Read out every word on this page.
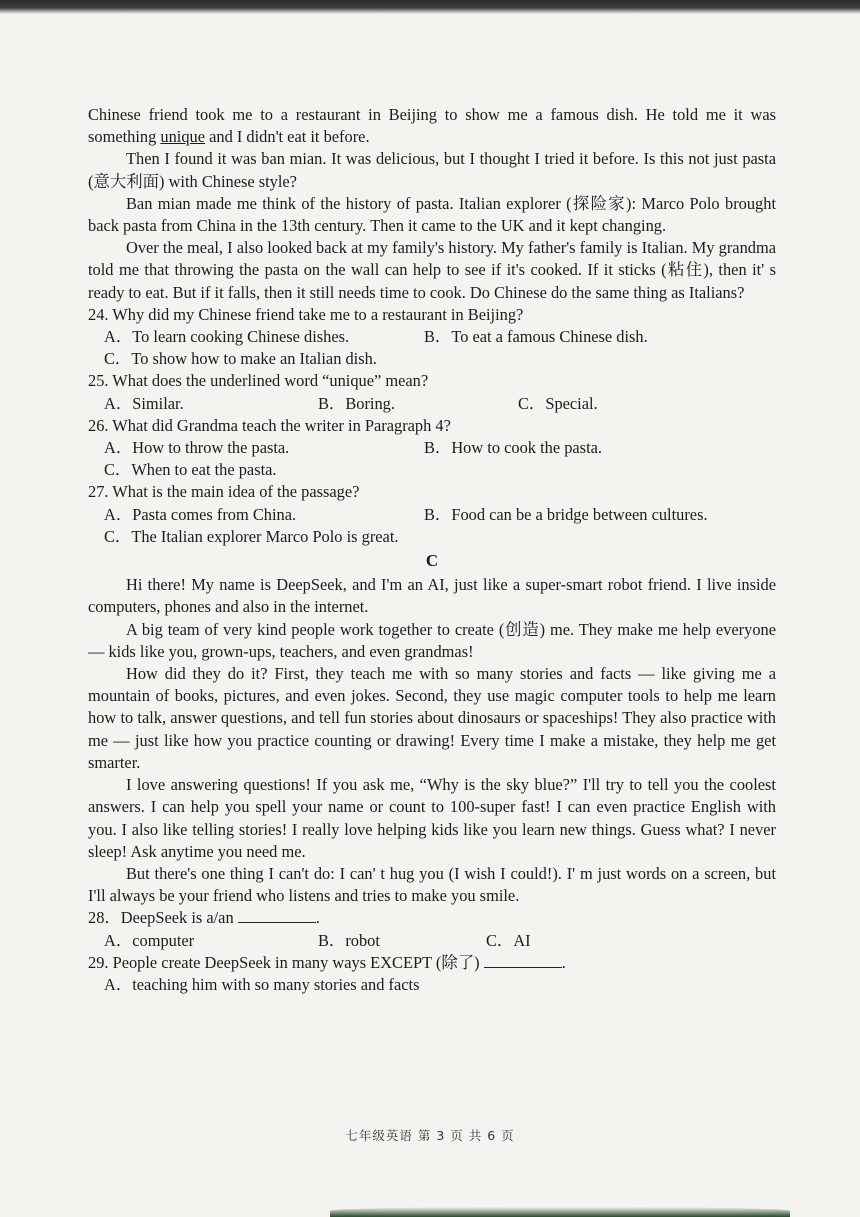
Chinese friend took me to a restaurant in Beijing to show me a famous dish. He told me it was something unique and I didn't eat it before.

Then I found it was ban mian. It was delicious, but I thought I tried it before. Is this not just pasta (意大利面) with Chinese style?

Ban mian made me think of the history of pasta. Italian explorer (探险家): Marco Polo brought back pasta from China in the 13th century. Then it came to the UK and it kept changing.

Over the meal, I also looked back at my family's history. My father's family is Italian. My grandma told me that throwing the pasta on the wall can help to see if it's cooked. If it sticks (粘住), then it' s ready to eat. But if it falls, then it still needs time to cook. Do Chinese do the same thing as Italians?

24. Why did my Chinese friend take me to a restaurant in Beijing?
A．To learn cooking Chinese dishes.	B．To eat a famous Chinese dish.
C．To show how to make an Italian dish.
25. What does the underlined word “unique” mean?
A．Similar.	B．Boring.	C．Special.
26. What did Grandma teach the writer in Paragraph 4?
A．How to throw the pasta.	B．How to cook the pasta.
C．When to eat the pasta.
27. What is the main idea of the passage?
A．Pasta comes from China.	B．Food can be a bridge between cultures.
C．The Italian explorer Marco Polo is great.
C

Hi there! My name is DeepSeek, and I'm an AI, just like a super-smart robot friend. I live inside computers, phones and also in the internet.

A big team of very kind people work together to create (创造) me. They make me help everyone — kids like you, grown-ups, teachers, and even grandmas!

How did they do it? First, they teach me with so many stories and facts — like giving me a mountain of books, pictures, and even jokes. Second, they use magic computer tools to help me learn how to talk, answer questions, and tell fun stories about dinosaurs or spaceships! They also practice with me — just like how you practice counting or drawing! Every time I make a mistake, they help me get smarter.

I love answering questions! If you ask me, “Why is the sky blue?” I'll try to tell you the coolest answers. I can help you spell your name or count to 100-super fast! I can even practice English with you. I also like telling stories! I really love helping kids like you learn new things. Guess what? I never sleep! Ask anytime you need me.

But there's one thing I can't do: I can' t hug you (I wish I could!). I' m just words on a screen, but I'll always be your friend who listens and tries to make you smile.

28．DeepSeek is a/an	.
A．computer	B．robot	C．AI
29. People create DeepSeek in many ways EXCEPT (除了)	.
A．teaching him with so many stories and facts
七年级英语 第 3 页 共 6 页
